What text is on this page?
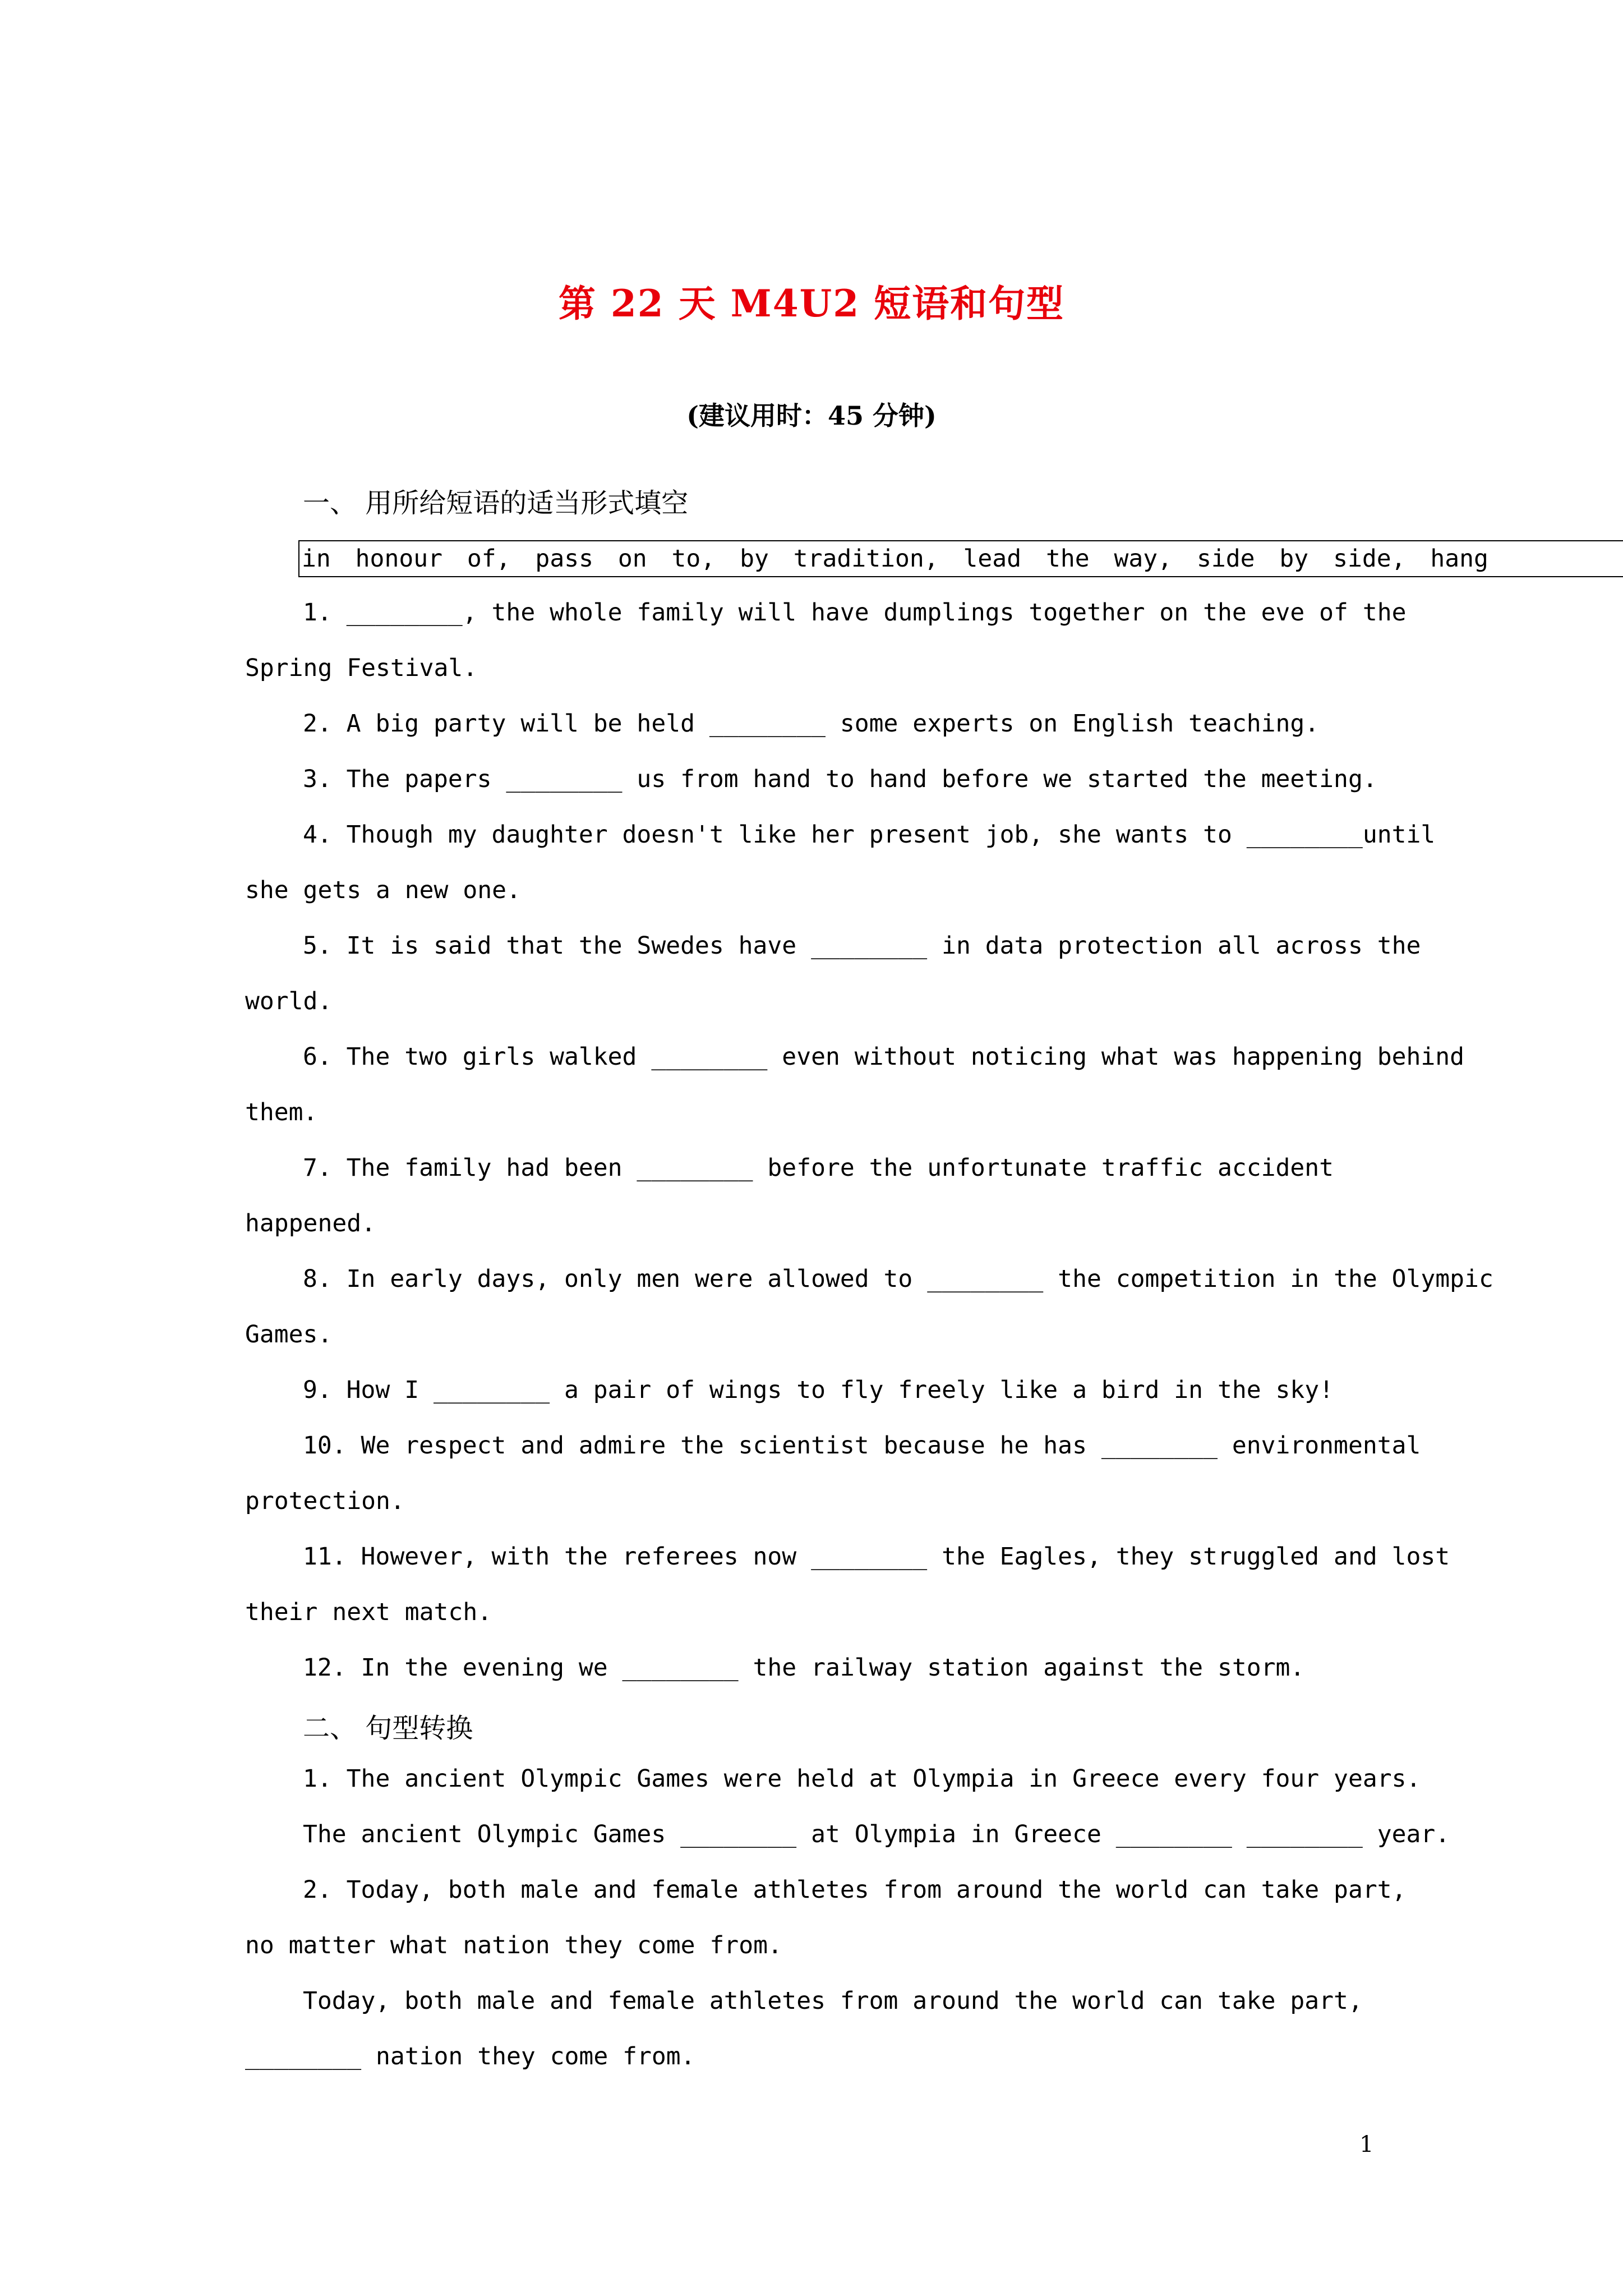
第 22 天 M4U2 短语和句型
(建议用时：45 分钟)
一、 用所给短语的适当形式填空
in honour of, pass on to, by tradition, lead the way, side by side, hang
1. ________, the whole family will have dumplings together on the eve of the
Spring Festival.
2. A big party will be held ________ some experts on English teaching.
3. The papers ________ us from hand to hand before we started the meeting.
4. Though my daughter doesn't like her present job, she wants to ________until
she gets a new one.
5. It is said that the Swedes have ________ in data protection all across the
world.
6. The two girls walked ________ even without noticing what was happening behind
them.
7. The family had been ________ before the unfortunate traffic accident
happened.
8. In early days, only men were allowed to ________ the competition in the Olympic
Games.
9. How I ________ a pair of wings to fly freely like a bird in the sky!
10. We respect and admire the scientist because he has ________ environmental
protection.
11. However, with the referees now ________ the Eagles, they struggled and lost
their next match.
12. In the evening we ________ the railway station against the storm.
二、 句型转换
1. The ancient Olympic Games were held at Olympia in Greece every four years.
The ancient Olympic Games ________ at Olympia in Greece ________ ________ year.
2. Today, both male and female athletes from around the world can take part,
no matter what nation they come from.
Today, both male and female athletes from around the world can take part,
________ nation they come from.
1
